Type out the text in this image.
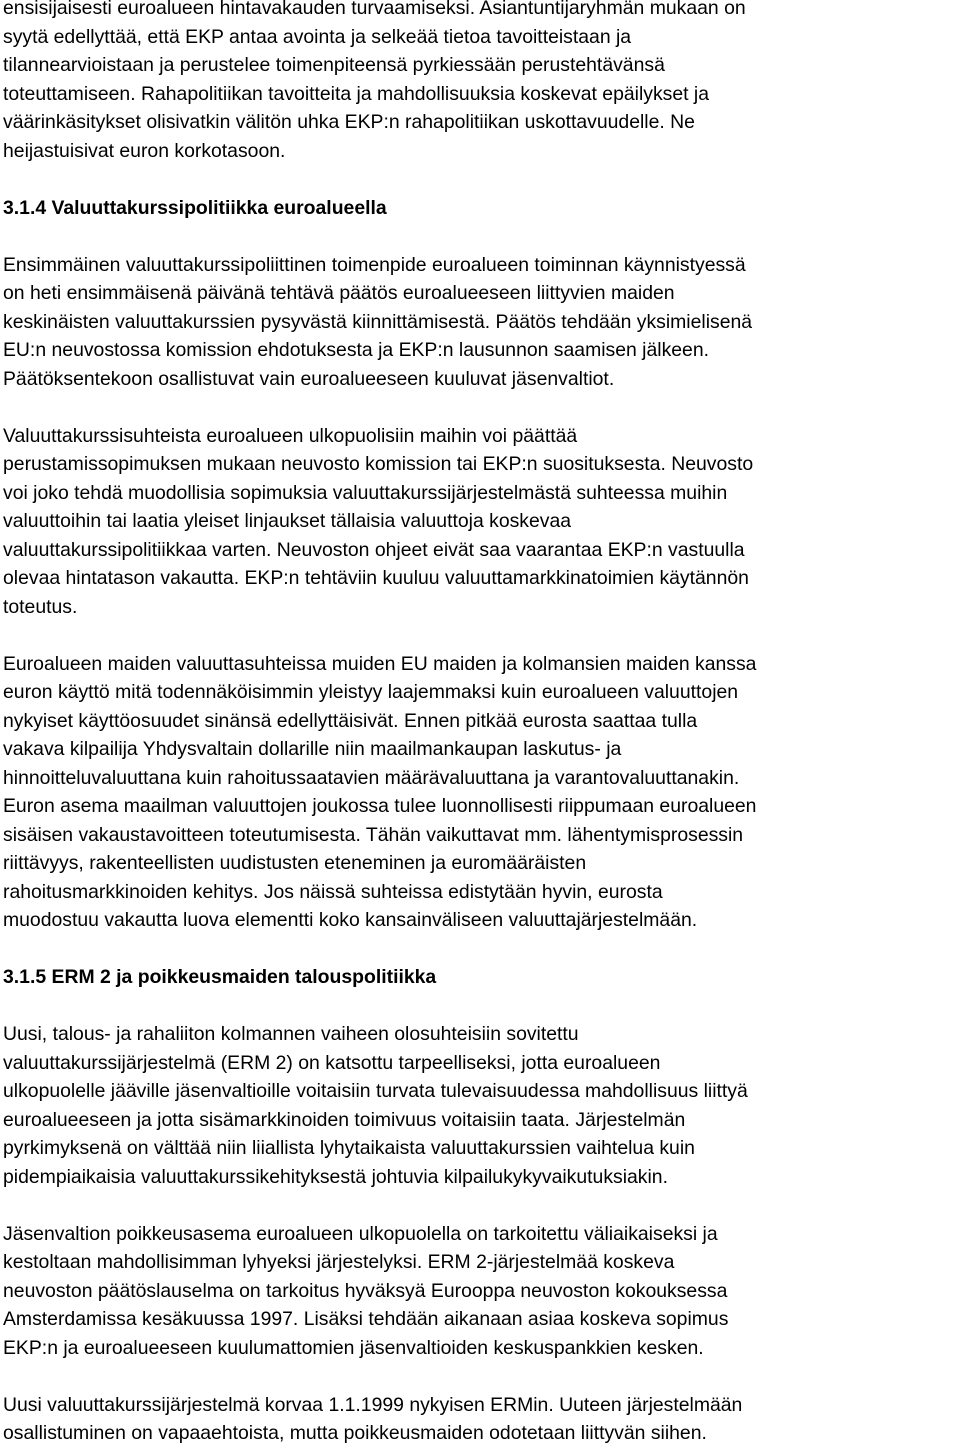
ensisijaisesti euroalueen hintavakauden turvaamiseksi. Asiantuntijaryhmän mukaan on
syytä edellyttää, että EKP antaa avointa ja selkeää tietoa tavoitteistaan ja
tilannearvioistaan ja perustelee toimenpiteensä pyrkiessään perustehtävänsä
toteuttamiseen. Rahapolitiikan tavoitteita ja mahdollisuuksia koskevat epäilykset ja
väärinkäsitykset olisivatkin välitön uhka EKP:n rahapolitiikan uskottavuudelle. Ne
heijastuisivat euron korkotasoon.

3.1.4 Valuuttakurssipolitiikka euroalueella

Ensimmäinen valuuttakurssipoliittinen toimenpide euroalueen toiminnan käynnistyessä
on heti ensimmäisenä päivänä tehtävä päätös euroalueeseen liittyvien maiden
keskinäisten valuuttakurssien pysyvästä kiinnittämisestä. Päätös tehdään yksimielisenä
EU:n neuvostossa komission ehdotuksesta ja EKP:n lausunnon saamisen jälkeen.
Päätöksentekoon osallistuvat vain euroalueeseen kuuluvat jäsenvaltiot.

Valuuttakurssisuhteista euroalueen ulkopuolisiin maihin voi päättää
perustamissopimuksen mukaan neuvosto komission tai EKP:n suosituksesta. Neuvosto
voi joko tehdä muodollisia sopimuksia valuuttakurssijärjestelmästä suhteessa muihin
valuuttoihin tai laatia yleiset linjaukset tällaisia valuuttoja koskevaa
valuuttakurssipolitiikkaa varten. Neuvoston ohjeet eivät saa vaarantaa EKP:n vastuulla
olevaa hintatason vakautta. EKP:n tehtäviin kuuluu valuuttamarkkinatoimien käytännön
toteutus.

Euroalueen maiden valuuttasuhteissa muiden EU maiden ja kolmansien maiden kanssa
euron käyttö mitä todennäköisimmin yleistyy laajemmaksi kuin euroalueen valuuttojen
nykyiset käyttöosuudet sinänsä edellyttäisivät. Ennen pitkää eurosta saattaa tulla
vakava kilpailija Yhdysvaltain dollarille niin maailmankaupan laskutus- ja
hinnoitteluvaluuttana kuin rahoitussaatavien määrävaluuttana ja varantovaluuttanakin.
Euron asema maailman valuuttojen joukossa tulee luonnollisesti riippumaan euroalueen
sisäisen vakaustavoitteen toteutumisesta. Tähän vaikuttavat mm. lähentymisprosessin
riittävyys, rakenteellisten uudistusten eteneminen ja euromääräisten
rahoitusmarkkinoiden kehitys. Jos näissä suhteissa edistytään hyvin, eurosta
muodostuu vakautta luova elementti koko kansainväliseen valuuttajärjestelmään.

3.1.5 ERM 2 ja poikkeusmaiden talouspolitiikka

Uusi, talous- ja rahaliiton kolmannen vaiheen olosuhteisiin sovitettu
valuuttakurssijärjestelmä (ERM 2) on katsottu tarpeelliseksi, jotta euroalueen
ulkopuolelle jääville jäsenvaltioille voitaisiin turvata tulevaisuudessa mahdollisuus liittyä
euroalueeseen ja jotta sisämarkkinoiden toimivuus voitaisiin taata. Järjestelmän
pyrkimyksenä on välttää niin liiallista lyhytaikaista valuuttakurssien vaihtelua kuin
pidempiaikaisia valuuttakurssikehityksestä johtuvia kilpailukykyvaikutuksiakin.

Jäsenvaltion poikkeusasema euroalueen ulkopuolella on tarkoitettu väliaikaiseksi ja
kestoltaan mahdollisimman lyhyeksi järjestelyksi. ERM 2-järjestelmää koskeva
neuvoston päätöslauselma on tarkoitus hyväksyä Eurooppa neuvoston kokouksessa
Amsterdamissa kesäkuussa 1997. Lisäksi tehdään aikanaan asiaa koskeva sopimus
EKP:n ja euroalueeseen kuulumattomien jäsenvaltioiden keskuspankkien kesken.

Uusi valuuttakurssijärjestelmä korvaa 1.1.1999 nykyisen ERMin. Uuteen järjestelmään
osallistuminen on vapaaehtoista, mutta poikkeusmaiden odotetaan liittyvän siihen.
